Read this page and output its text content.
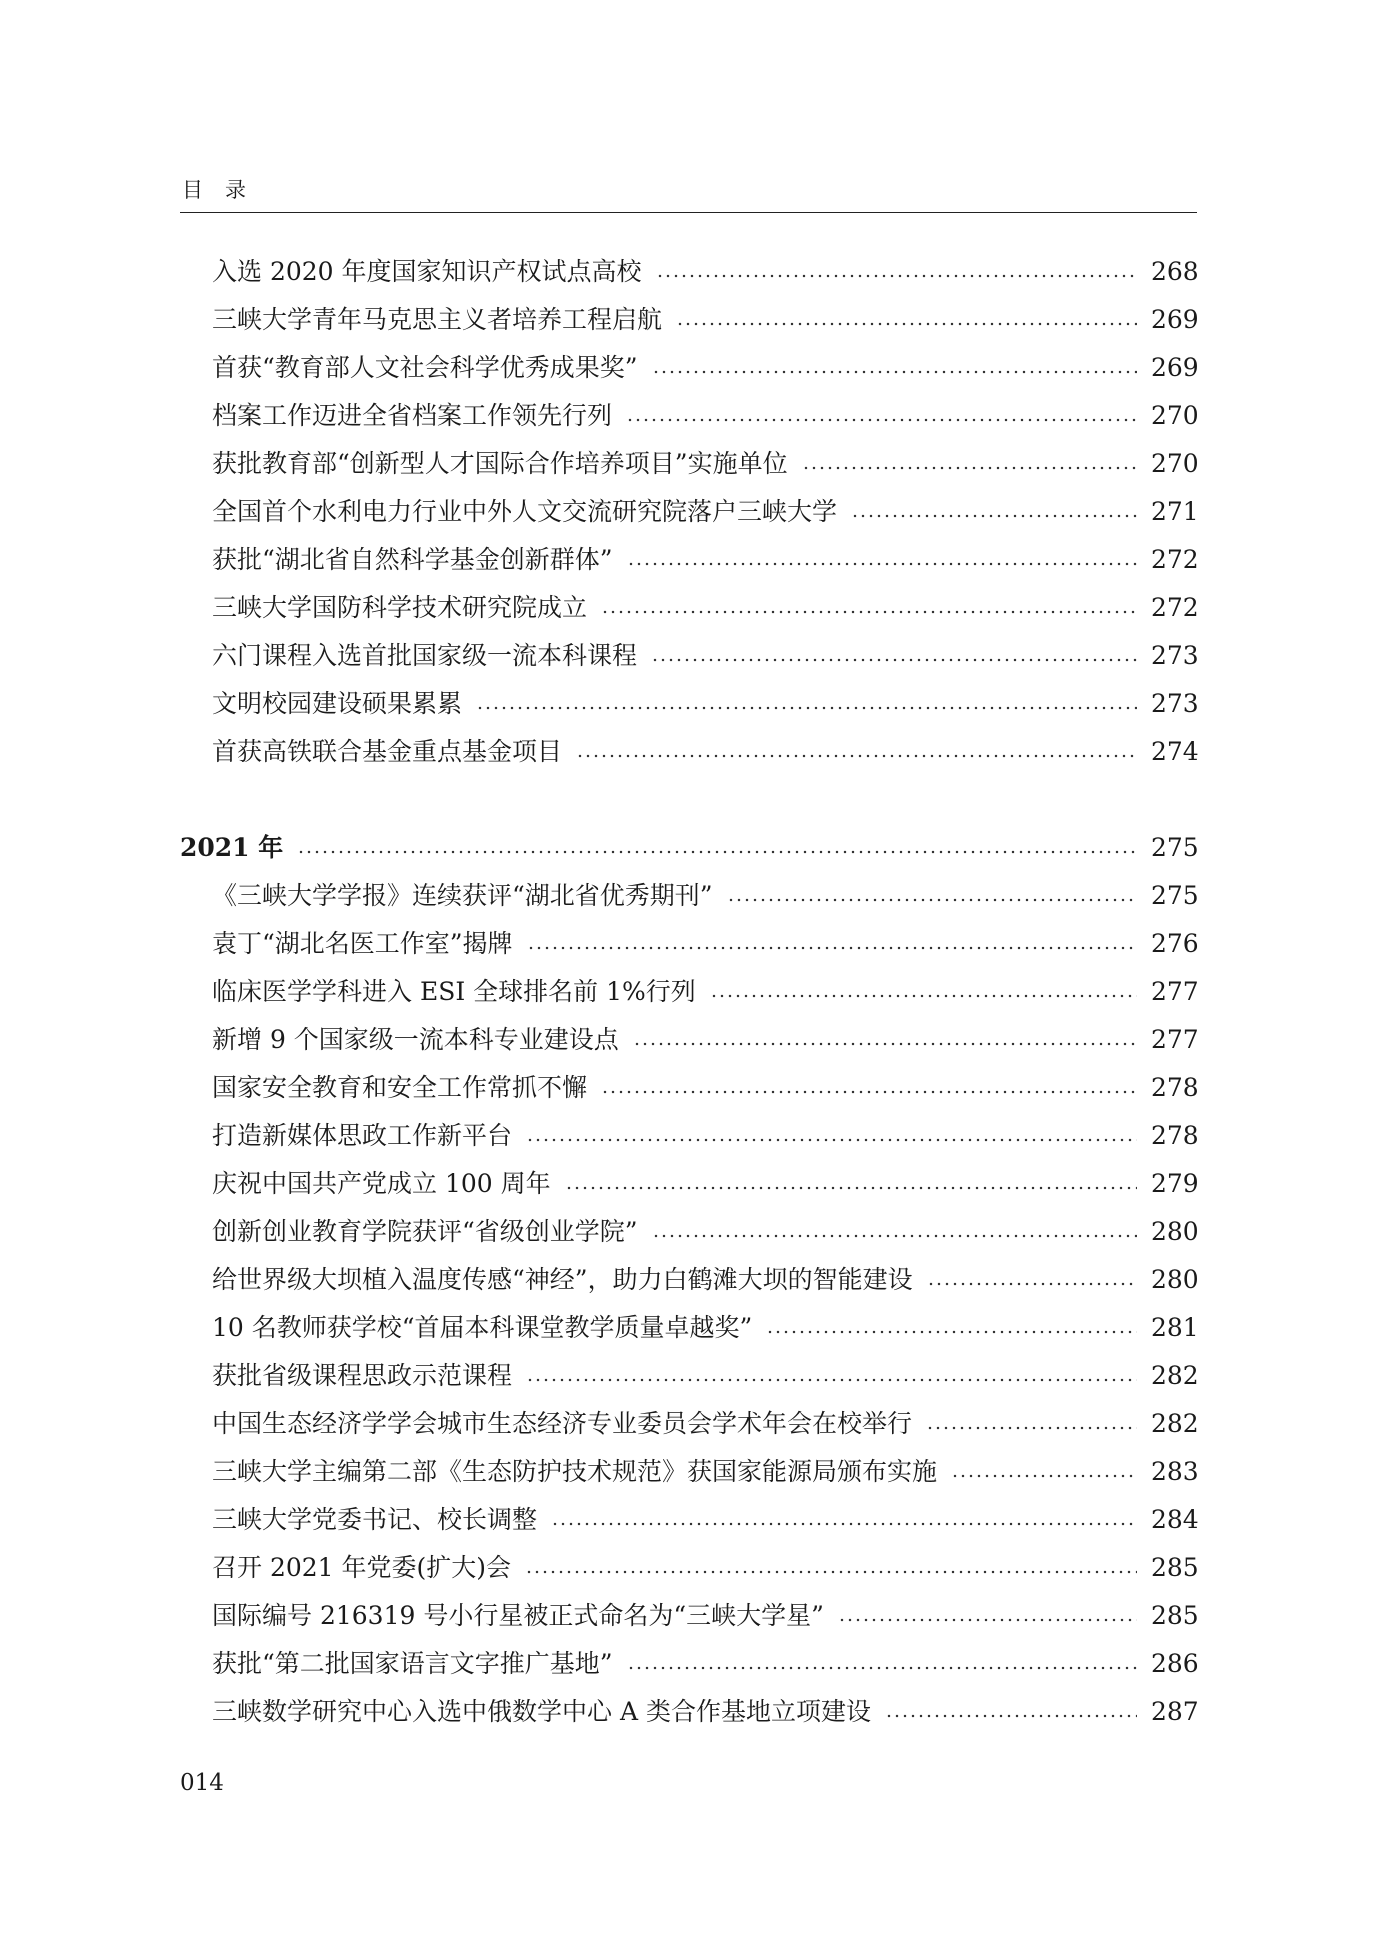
目录
入选 2020 年度国家知识产权试点高校	268
三峡大学青年马克思主义者培养工程启航	269
首获“教育部人文社会科学优秀成果奖”	269
档案工作迈进全省档案工作领先行列	270
获批教育部“创新型人才国际合作培养项目”实施单位	270
全国首个水利电力行业中外人文交流研究院落户三峡大学	271
获批“湖北省自然科学基金创新群体”	272
三峡大学国防科学技术研究院成立	272
六门课程入选首批国家级一流本科课程	273
文明校园建设硕果累累	273
首获高铁联合基金重点基金项目	274
2021 年	275
《三峡大学学报》连续获评“湖北省优秀期刊”	275
袁丁“湖北名医工作室”揭牌	276
临床医学学科进入 ESI 全球排名前 1%行列	277
新增 9 个国家级一流本科专业建设点	277
国家安全教育和安全工作常抓不懈	278
打造新媒体思政工作新平台	278
庆祝中国共产党成立 100 周年	279
创新创业教育学院获评“省级创业学院”	280
给世界级大坝植入温度传感“神经”，助力白鹤滩大坝的智能建设	280
10 名教师获学校“首届本科课堂教学质量卓越奖”	281
获批省级课程思政示范课程	282
中国生态经济学学会城市生态经济专业委员会学术年会在校举行	282
三峡大学主编第二部《生态防护技术规范》获国家能源局颁布实施	283
三峡大学党委书记、校长调整	284
召开 2021 年党委(扩大)会	285
国际编号 216319 号小行星被正式命名为“三峡大学星”	285
获批“第二批国家语言文字推广基地”	286
三峡数学研究中心入选中俄数学中心 A 类合作基地立项建设	287
014
